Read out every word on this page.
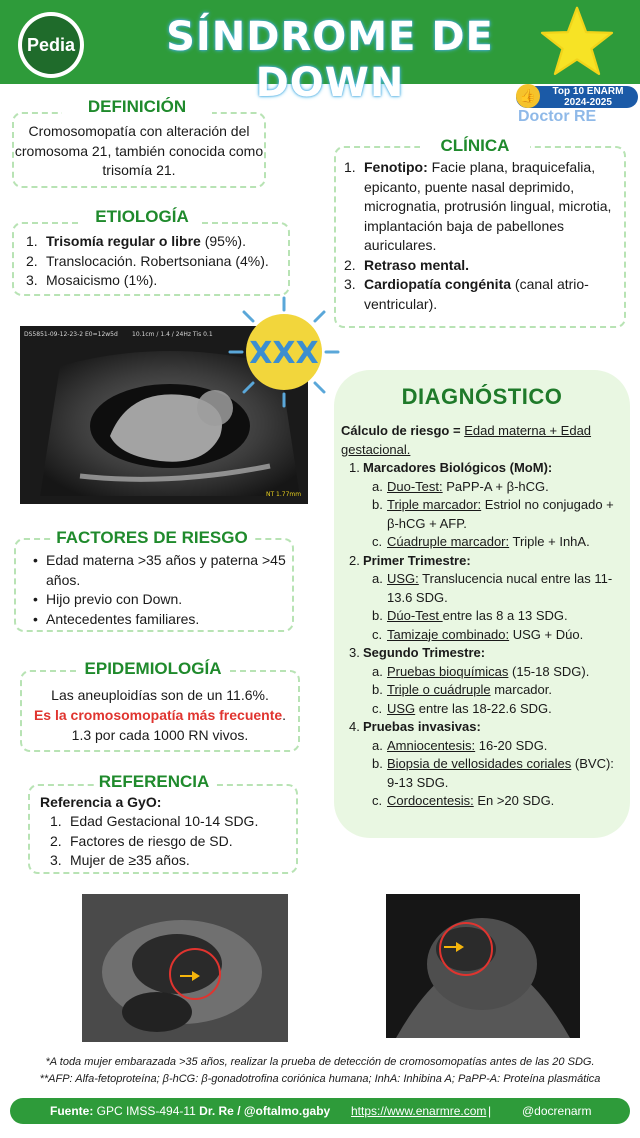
Pedia	SÍNDROME DE DOWN	Top 10 ENARM
2024-2025
👍
Doctor RE
DEFINICIÓN
Cromosomopatía con alteración del cromosoma 21, también conocida como trisomía 21.
ETIOLOGÍA
1. Trisomía regular o libre (95%).
2. Translocación. Robertsoniana (4%).
3. Mosaicismo (1%).
CLÍNICA
1. Fenotipo: Facie plana, braquicefalia, epicanto, puente nasal deprimido, micrognatia, protrusión lingual, microtia, implantación baja de pabellones auriculares.
2. Retraso mental.
3. Cardiopatía congénita (canal atrio-ventricular).
DS5851-09-12-23-2 E0=12w5d 10.1cm / 1.4 / 24Hz Tis 0.1
NT 1.77mm
XXX
DIAGNÓSTICO
Cálculo de riesgo = Edad materna + Edad gestacional.
1. Marcadores Biológicos (MoM):
a. Duo-Test: PaPP-A + β-hCG.
b. Triple marcador: Estriol no conjugado + β-hCG + AFP.
c. Cúadruple marcador: Triple + InhA.
2. Primer Trimestre:
a. USG: Translucencia nucal entre las 11-13.6 SDG.
b. Dúo-Test entre las 8 a 13 SDG.
c. Tamizaje combinado: USG + Dúo.
3. Segundo Trimestre:
a. Pruebas bioquímicas (15-18 SDG).
b. Triple o cuádruple marcador.
c. USG entre las 18-22.6 SDG.
4. Pruebas invasivas:
a. Amniocentesis: 16-20 SDG.
b. Biopsia de vellosidades coriales (BVC): 9-13 SDG.
c. Cordocentesis: En >20 SDG.
FACTORES DE RIESGO
• Edad materna >35 años y paterna >45 años.
• Hijo previo con Down.
• Antecedentes familiares.
EPIDEMIOLOGÍA
Las aneuploidías son de un 11.6%.
Es la cromosomopatía más frecuente.
1.3 por cada 1000 RN vivos.
REFERENCIA
Referencia a GyO:
1. Edad Gestacional 10-14 SDG.
2. Factores de riesgo de SD.
3. Mujer de ≥35 años.
*A toda mujer embarazada >35 años, realizar la prueba de detección de cromosomopatías antes de las 20 SDG.
**AFP: Alfa-fetoproteína; β-hCG: β-gonadotrofina coriónica humana; InhA: Inhibina A; PaPP-A: Proteína plasmática
Fuente: GPC IMSS-494-11 Dr. Re / @oftalmo.gaby https://www.enarmre.com |	@docrenarm
